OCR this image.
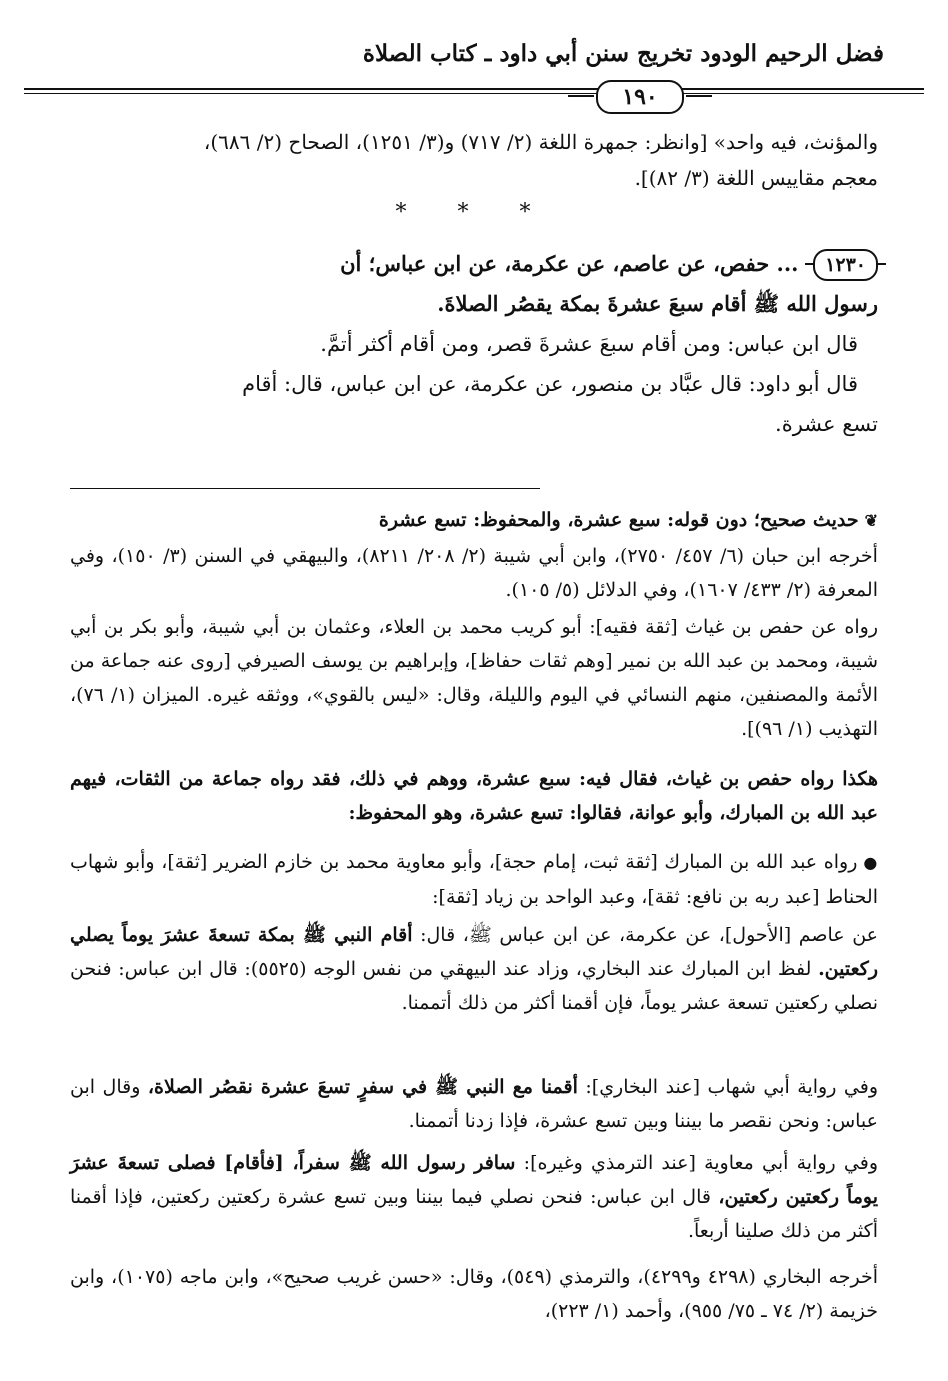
فضل الرحيم الودود تخريج سنن أبي داود ـ كتاب الصلاة
١٩٠
والمؤنث، فيه واحد» [وانظر: جمهرة اللغة (٢/ ٧١٧) و(٣/ ١٢٥١)، الصحاح (٢/ ٦٨٦)،
معجم مقاييس اللغة (٣/ ٨٢)].
* * *
١٢٣٠ ... حفص، عن عاصم، عن عكرمة، عن ابن عباس؛ أن
رسول الله ﷺ أقام سبعَ عشرةَ بمكة يقصُر الصلاةَ.
قال ابن عباس: ومن أقام سبعَ عشرةَ قصر، ومن أقام أكثر أتمَّ.
قال أبو داود: قال عبَّاد بن منصور، عن عكرمة، عن ابن عباس، قال: أقام
تسع عشرة.
❦حديث صحيح؛ دون قوله: سبع عشرة، والمحفوظ: تسع عشرة
أخرجه ابن حبان (٦/ ٤٥٧/ ٢٧٥٠)، وابن أبي شيبة (٢/ ٢٠٨/ ٨٢١١)، والبيهقي في السنن (٣/ ١٥٠)، وفي المعرفة (٢/ ٤٣٣/ ١٦٠٧)، وفي الدلائل (٥/ ١٠٥).
رواه عن حفص بن غياث [ثقة فقيه]: أبو كريب محمد بن العلاء، وعثمان بن أبي شيبة، وأبو بكر بن أبي شيبة، ومحمد بن عبد الله بن نمير [وهم ثقات حفاظ]، وإبراهيم بن يوسف الصيرفي [روى عنه جماعة من الأئمة والمصنفين، منهم النسائي في اليوم والليلة، وقال: «ليس بالقوي»، ووثقه غيره. الميزان (١/ ٧٦)، التهذيب (١/ ٩٦)].
هكذا رواه حفص بن غياث، فقال فيه: سبع عشرة، ووهم في ذلك، فقد رواه جماعة من الثقات، فيهم عبد الله بن المبارك، وأبو عوانة، فقالوا: تسع عشرة، وهو المحفوظ:
●رواه عبد الله بن المبارك [ثقة ثبت، إمام حجة]، وأبو معاوية محمد بن خازم الضرير [ثقة]، وأبو شهاب الحناط [عبد ربه بن نافع: ثقة]، وعبد الواحد بن زياد [ثقة]:
عن عاصم [الأحول]، عن عكرمة، عن ابن عباس ﷺ، قال: أقام النبي ﷺ بمكة تسعةَ عشرَ يوماً يصلي ركعتين. لفظ ابن المبارك عند البخاري، وزاد عند البيهقي من نفس الوجه (٥٥٢٥): قال ابن عباس: فنحن نصلي ركعتين تسعة عشر يوماً، فإن أقمنا أكثر من ذلك أتممنا.
وفي رواية أبي شهاب [عند البخاري]: أقمنا مع النبي ﷺ في سفرٍ تسعَ عشرة نقصُر الصلاة، وقال ابن عباس: ونحن نقصر ما بيننا وبين تسع عشرة، فإذا زدنا أتممنا.
وفي رواية أبي معاوية [عند الترمذي وغيره]: سافر رسول الله ﷺ سفراً، [فأقام] فصلى تسعةَ عشرَ يوماً ركعتين ركعتين، قال ابن عباس: فنحن نصلي فيما بيننا وبين تسع عشرة ركعتين ركعتين، فإذا أقمنا أكثر من ذلك صلينا أربعاً.
أخرجه البخاري (٤٢٩٨ و٤٢٩٩)، والترمذي (٥٤٩)، وقال: «حسن غريب صحيح»، وابن ماجه (١٠٧٥)، وابن خزيمة (٢/ ٧٤ ـ ٧٥/ ٩٥٥)، وأحمد (١/ ٢٢٣)،
